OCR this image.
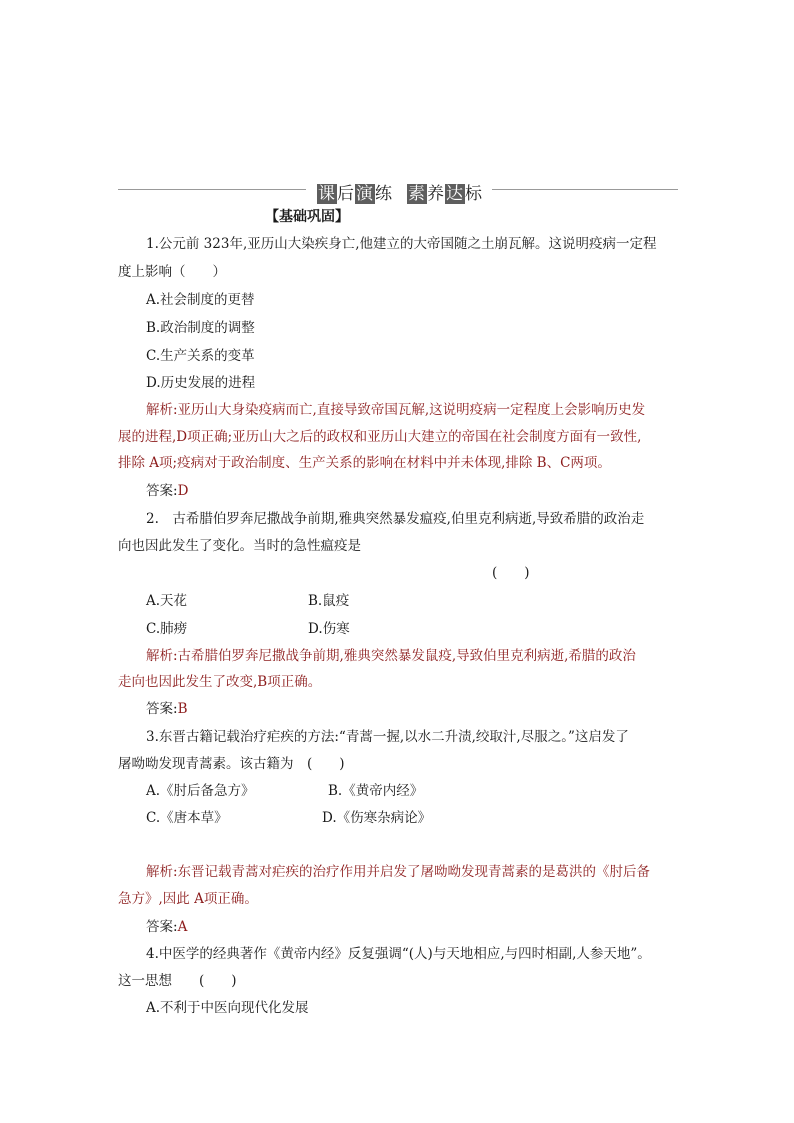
课后演练 素养达标
【基础巩固】
1.公元前 323年,亚历山大染疾身亡,他建立的大帝国随之土崩瓦解。这说明疫病一定程
度上影响（　　）
A.社会制度的更替
B.政治制度的调整
C.生产关系的变革
D.历史发展的进程
解析:亚历山大身染疫病而亡,直接导致帝国瓦解,这说明疫病一定程度上会影响历史发
展的进程,D项正确;亚历山大之后的政权和亚历山大建立的帝国在社会制度方面有一致性,
排除 A项;疫病对于政治制度、生产关系的影响在材料中并未体现,排除 B、C两项。
答案:D
2.　古希腊伯罗奔尼撒战争前期,雅典突然暴发瘟疫,伯里克利病逝,导致希腊的政治走
向也因此发生了变化。当时的急性瘟疫是
(　　)
A.天花	B.鼠疫
C.肺痨	D.伤寒
解析:古希腊伯罗奔尼撒战争前期,雅典突然暴发鼠疫,导致伯里克利病逝,希腊的政治
走向也因此发生了改变,B项正确。
答案:B
3.东晋古籍记载治疗疟疾的方法:“青蒿一握,以水二升渍,绞取汁,尽服之。”这启发了
屠呦呦发现青蒿素。该古籍为　(　　)
A.《肘后备急方》	B.《黄帝内经》
C.《唐本草》	D.《伤寒杂病论》
解析:东晋记载青蒿对疟疾的治疗作用并启发了屠呦呦发现青蒿素的是葛洪的《肘后备
急方》,因此 A项正确。
答案:A
4.中医学的经典著作《黄帝内经》反复强调“(人)与天地相应,与四时相副,人参天地”。
这一思想　　(　　)
A.不利于中医向现代化发展
